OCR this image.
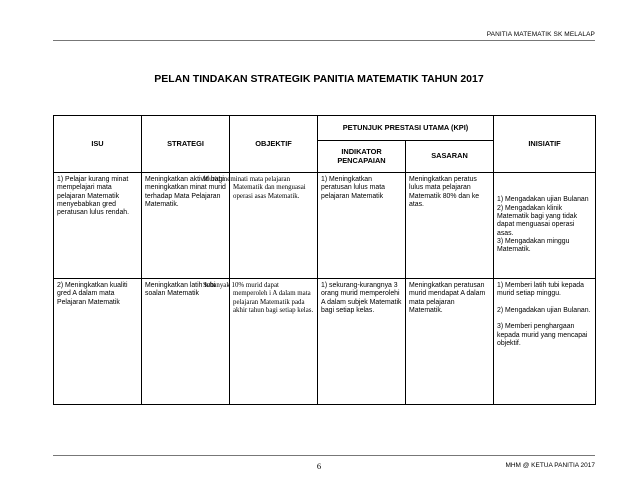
PANITIA MATEMATIK SK MELALAP
PELAN TINDAKAN STRATEGIK PANITIA MATEMATIK TAHUN 2017
ISU	STRATEGI	OBJEKTIF	PETUNJUK PRESTASI UTAMA (KPI)		INISIATIF
			INDIKATOR PENCAPAIAN	SASARAN	
1) Pelajar kurang minat mempelajari mata pelajaran Matematik menyebabkan gred peratusan lulus rendah.	Meningkatkan aktiviti bagi meningkatkan minat murid terhadap Mata Pelajaran Matematik.	Murid meminati mata pelajaran Matematik dan menguasai operasi asas Matematik.	1) Meningkatkan peratusan lulus mata pelajaran Matematik	Meningkatkan peratus lulus mata pelajaran Matematik 80% dan ke atas.	1) Mengadakan ujian Bulanan
2) Mengadakan klinik Matematik bagi yang tidak dapat menguasai operasi asas.
3) Mengadakan minggu Matematik.
2) Meningkatkan kualiti gred A dalam mata Pelajaran Matematik	Meningkatkan latih tubi soalan Matematik	Sebanyak 10% murid dapat memperoleh i A dalam mata pelajaran Matematik pada akhir tahun bagi setiap kelas.	1) sekurang-kurangnya 3 orang murid memperolehi A dalam subjek Matematik bagi setiap kelas.	Meningkatkan peratusan murid mendapat A dalam mata pelajaran Matematik.	1) Memberi latih tubi kepada murid setiap minggu.

2) Mengadakan ujian Bulanan.

3) Memberi penghargaan kepada murid yang mencapai objektif.
6	MHM @ KETUA PANITIA 2017
